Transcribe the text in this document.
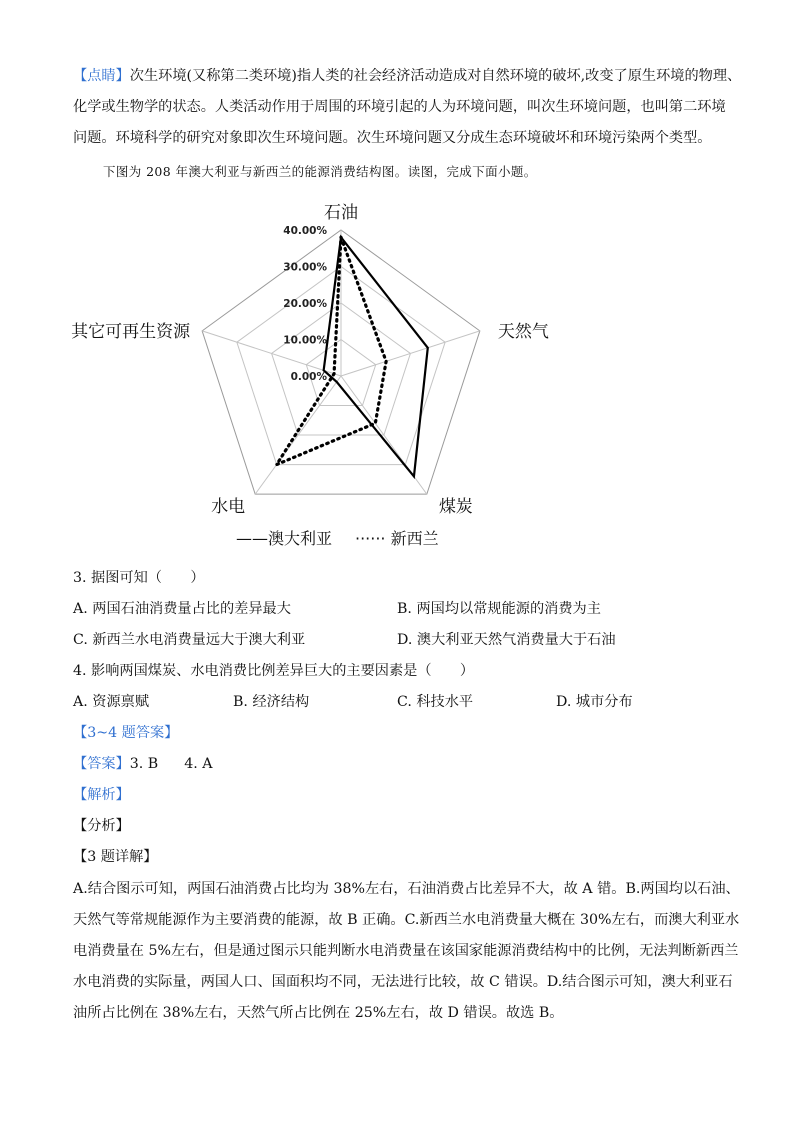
【点睛】次生环境(又称第二类环境)指人类的社会经济活动造成对自然环境的破坏,改变了原生环境的物理、
化学或生物学的状态。人类活动作用于周围的环境引起的人为环境问题，叫次生环境问题，也叫第二环境
问题。环境科学的研究对象即次生环境问题。次生环境问题又分成生态环境破坏和环境污染两个类型。
下图为 208 年澳大利亚与新西兰的能源消费结构图。读图，完成下面小题。
0.00%
10.00%
20.00%
30.00%
40.00%
石油
天然气
煤炭
水电
其它可再生资源
——澳大利亚 ······ 新西兰
3. 据图可知（　　）
A. 两国石油消费量占比的差异最大	B. 两国均以常规能源的消费为主
C. 新西兰水电消费量远大于澳大利亚	D. 澳大利亚天然气消费量大于石油
4. 影响两国煤炭、水电消费比例差异巨大的主要因素是（　　）
A. 资源禀赋	B. 经济结构	C. 科技水平	D. 城市分布
【3~4 题答案】
【答案】3. B 4. A
【解析】
【分析】
【3 题详解】
A.结合图示可知，两国石油消费占比均为 38%左右，石油消费占比差异不大，故 A 错。B.两国均以石油、
天然气等常规能源作为主要消费的能源，故 B 正确。C.新西兰水电消费量大概在 30%左右，而澳大利亚水
电消费量在 5%左右，但是通过图示只能判断水电消费量在该国家能源消费结构中的比例，无法判断新西兰
水电消费的实际量，两国人口、国面积均不同，无法进行比较，故 C 错误。D.结合图示可知，澳大利亚石
油所占比例在 38%左右，天然气所占比例在 25%左右，故 D 错误。故选 B。
